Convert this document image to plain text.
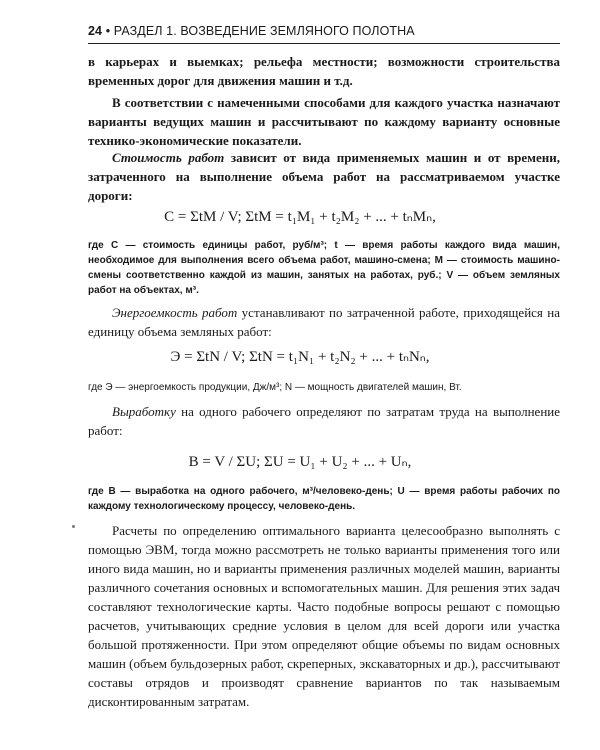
24 • РАЗДЕЛ 1. ВОЗВЕДЕНИЕ ЗЕМЛЯНОГО ПОЛОТНА
в карьерах и выемках; рельефа местности; возможности строительства временных дорог для движения машин и т.д.
В соответствии с намеченными способами для каждого участка назначают варианты ведущих машин и рассчитывают по каждому варианту основные технико-экономические показатели.
Стоимость работ зависит от вида применяемых машин и от времени, затраченного на выполнение объема работ на рассматриваемом участке дороги:
C = ΣtM / V; ΣtM = t₁M₁ + t₂M₂ + ... + tₙMₙ,
где С — стоимость единицы работ, руб/м³; t — время работы каждого вида машин, необходимое для выполнения всего объема работ, машино-смена; M — стоимость машино-смены соответственно каждой из машин, занятых на работах, руб.; V — объем земляных работ на объектах, м³.
Энергоемкость работ устанавливают по затраченной работе, приходящейся на единицу объема земляных работ:
Э = ΣtN / V; ΣtN = t₁N₁ + t₂N₂ + ... + tₙNₙ,
где Э — энергоемкость продукции, Дж/м³; N — мощность двигателей машин, Вт.
Выработку на одного рабочего определяют по затратам труда на выполнение работ:
B = V / ΣU; ΣU = U₁ + U₂ + ... + Uₙ,
где B — выработка на одного рабочего, м³/человеко-день; U — время работы рабочих по каждому технологическому процессу, человеко-день.
Расчеты по определению оптимального варианта целесообразно выполнять с помощью ЭВМ, тогда можно рассмотреть не только варианты применения того или иного вида машин, но и варианты применения различных моделей машин, варианты различного сочетания основных и вспомогательных машин. Для решения этих задач составляют технологические карты. Часто подобные вопросы решают с помощью расчетов, учитывающих средние условия в целом для всей дороги или участка большой протяженности. При этом определяют общие объемы по видам основных машин (объем бульдозерных работ, скреперных, экскаваторных и др.), рассчитывают составы отрядов и производят сравнение вариантов по так называемым дисконтированным затратам.
